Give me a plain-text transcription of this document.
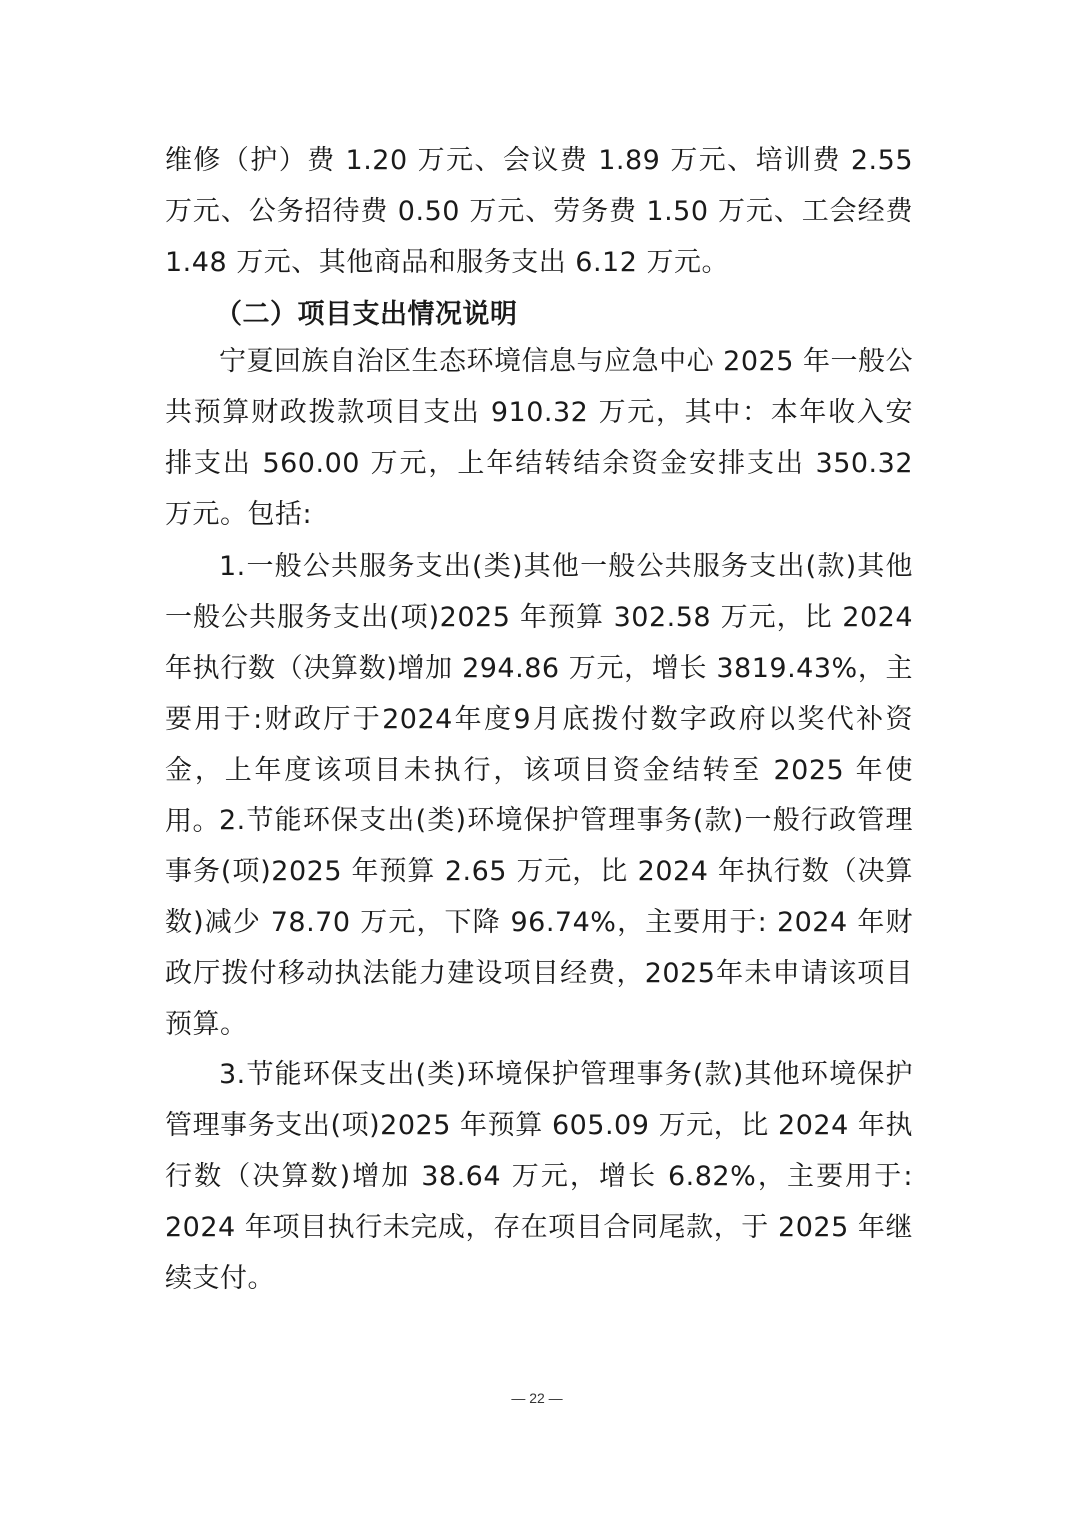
维修（护）费 1.20 万元、会议费 1.89 万元、培训费 2.55 万元、公务招待费 0.50 万元、劳务费 1.50 万元、工会经费 1.48 万元、其他商品和服务支出 6.12 万元。
（二）项目支出情况说明
宁夏回族自治区生态环境信息与应急中心 2025 年一般公共预算财政拨款项目支出 910.32 万元，其中：本年收入安排支出 560.00 万元，上年结转结余资金安排支出 350.32 万元。包括:
1.一般公共服务支出(类)其他一般公共服务支出(款)其他一般公共服务支出(项)2025 年预算 302.58 万元，比 2024 年执行数（决算数)增加 294.86 万元，增长 3819.43%，主要用于:财政厅于2024年度9月底拨付数字政府以奖代补资金，上年度该项目未执行，该项目资金结转至 2025 年使用。 2.节能环保支出(类)环境保护管理事务(款)一般行政管理事务(项)2025 年预算 2.65 万元，比 2024 年执行数（决算数)减少 78.70 万元，下降 96.74%，主要用于: 2024 年财政厅拨付移动执法能力建设项目经费，2025年未申请该项目预算。
3.节能环保支出(类)环境保护管理事务(款)其他环境保护管理事务支出(项)2025 年预算 605.09 万元，比 2024 年执行数（决算数)增加 38.64 万元，增长 6.82%，主要用于: 2024 年项目执行未完成，存在项目合同尾款，于 2025 年继续支付。
— 22 —
